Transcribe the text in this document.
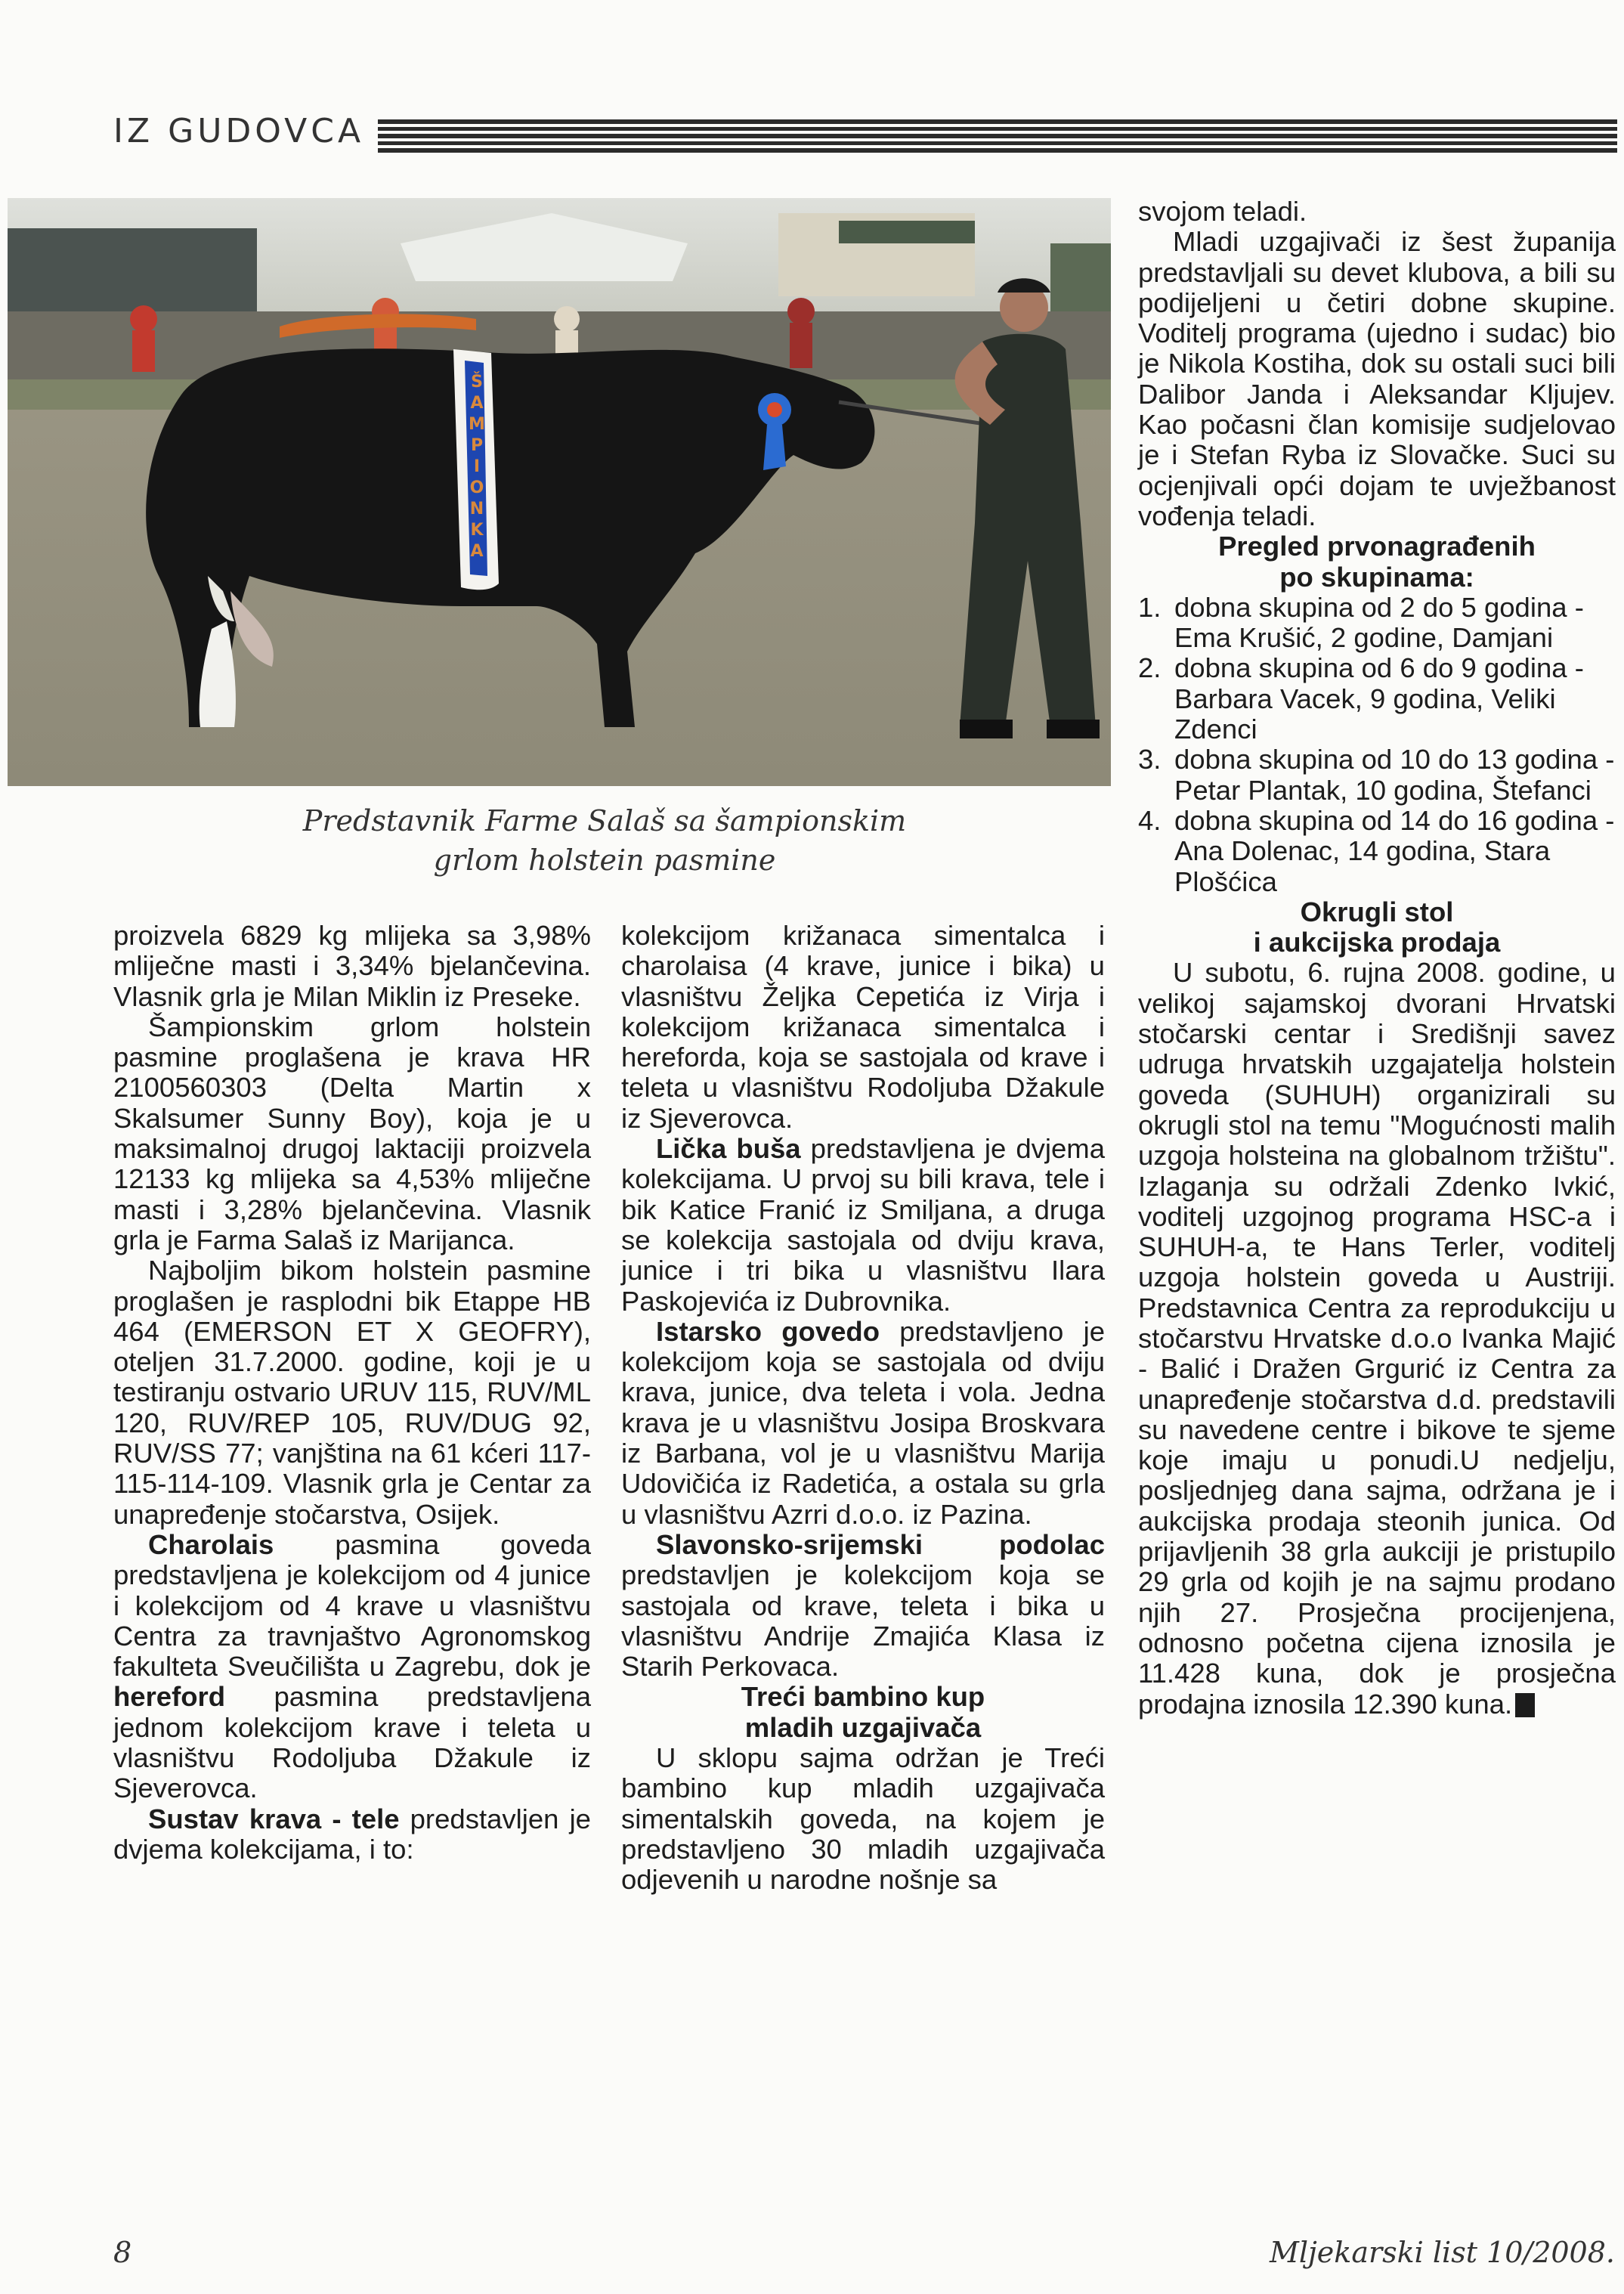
IZ GUDOVCA
Š
A
M
P
I
O
N
K
A
Predstavnik Farme Salaš sa šampionskim
grlom holstein pasmine

proizvela 6829 kg mlijeka sa 3,98% mliječne masti i 3,34% bjelančevina. Vlasnik grla je Milan Miklin iz Preseke.

Šampionskim grlom holstein pasmine proglašena je krava HR 2100560303 (Delta Martin x Skalsumer Sunny Boy), koja je u maksimalnoj drugoj laktaciji proizvela 12133 kg mlijeka sa 4,53% mliječne masti i 3,28% bjelančevina. Vlasnik grla je Farma Salaš iz Marijanca.

Najboljim bikom holstein pasmine proglašen je rasplodni bik Etappe HB 464 (EMERSON ET X GEOFRY), oteljen 31.7.2000. godine, koji je u testiranju ostvario URUV 115, RUV/ML 120, RUV/REP 105, RUV/DUG 92, RUV/SS 77; vanjština na 61 kćeri 117-115-114-109. Vlasnik grla je Centar za unapređenje stočarstva, Osijek.

Charolais pasmina goveda predstavljena je kolekcijom od 4 junice i kolekcijom od 4 krave u vlasništvu Centra za travnjaštvo Agronomskog fakulteta Sveučilišta u Zagrebu, dok je hereford pasmina predstavljena jednom kolekcijom krave i teleta u vlasništvu Rodoljuba Džakule iz Sjeverovca.

Sustav krava - tele predstavljen je dvjema kolekcijama, i to:

kolekcijom križanaca simentalca i charolaisa (4 krave, junice i bika) u vlasništvu Željka Cepetića iz Virja i kolekcijom križanaca simentalca i hereforda, koja se sastojala od krave i teleta u vlasništvu Rodoljuba Džakule iz Sjeverovca.

Lička buša predstavljena je dvjema kolekcijama. U prvoj su bili krava, tele i bik Katice Franić iz Smiljana, a druga se kolekcija sastojala od dviju krava, junice i tri bika u vlasništvu Ilara Paskojevića iz Dubrovnika.

Istarsko govedo predstavljeno je kolekcijom koja se sastojala od dviju krava, junice, dva teleta i vola. Jedna krava je u vlasništvu Josipa Broskvara iz Barbana, vol je u vlasništvu Marija Udovičića iz Radetića, a ostala su grla u vlasništvu Azrri d.o.o. iz Pazina.

Slavonsko-srijemski podolac predstavljen je kolekcijom koja se sastojala od krave, teleta i bika u vlasništvu Andrije Zmajića Klasa iz Starih Perkovaca.

Treći bambino kup

mladih uzgajivača

U sklopu sajma održan je Treći bambino kup mladih uzgajivača simentalskih goveda, na kojem je predstavljeno 30 mladih uzgajivača odjevenih u narodne nošnje sa

svojom teladi.

Mladi uzgajivači iz šest županija predstavljali su devet klubova, a bili su podijeljeni u četiri dobne skupine. Voditelj programa (ujedno i sudac) bio je Nikola Kostiha, dok su ostali suci bili Dalibor Janda i Aleksandar Kljujev. Kao počasni član komisije sudjelovao je i Stefan Ryba iz Slovačke. Suci su ocjenjivali opći dojam te uvježbanost vođenja teladi.

Pregled prvonagrađenih

po skupinama:

1. dobna skupina od 2 do 5 godina - Ema Krušić, 2 godine, Damjani
2. dobna skupina od 6 do 9 godina - Barbara Vacek, 9 godina, Veliki Zdenci
3. dobna skupina od 10 do 13 godina - Petar Plantak, 10 godina, Štefanci
4. dobna skupina od 14 do 16 godina - Ana Dolenac, 14 godina, Stara Plošćica

Okrugli stol

i aukcijska prodaja

U subotu, 6. rujna 2008. godine, u velikoj sajamskoj dvorani Hrvatski stočarski centar i Središnji savez udruga hrvatskih uzgajatelja holstein goveda (SUHUH) organizirali su okrugli stol na temu "Mogućnosti malih uzgoja holsteina na globalnom tržištu". Izlaganja su održali Zdenko Ivkić, voditelj uzgojnog programa HSC-a i SUHUH-a, te Hans Terler, voditelj uzgoja holstein goveda u Austriji. Predstavnica Centra za reprodukciju u stočarstvu Hrvatske d.o.o Ivanka Majić - Balić i Dražen Grgurić iz Centra za unapređenje stočarstva d.d. predstavili su navedene centre i bikove te sjeme koje imaju u ponudi.U nedjelju, posljednjeg dana sajma, održana je i aukcijska prodaja steonih junica. Od prijavljenih 38 grla aukciji je pristupilo 29 grla od kojih je na sajmu prodano njih 27. Prosječna procijenjena, odnosno početna cijena iznosila je 11.428 kuna, dok je prosječna prodajna iznosila 12.390 kuna.

8	Mljekarski list 10/2008.
